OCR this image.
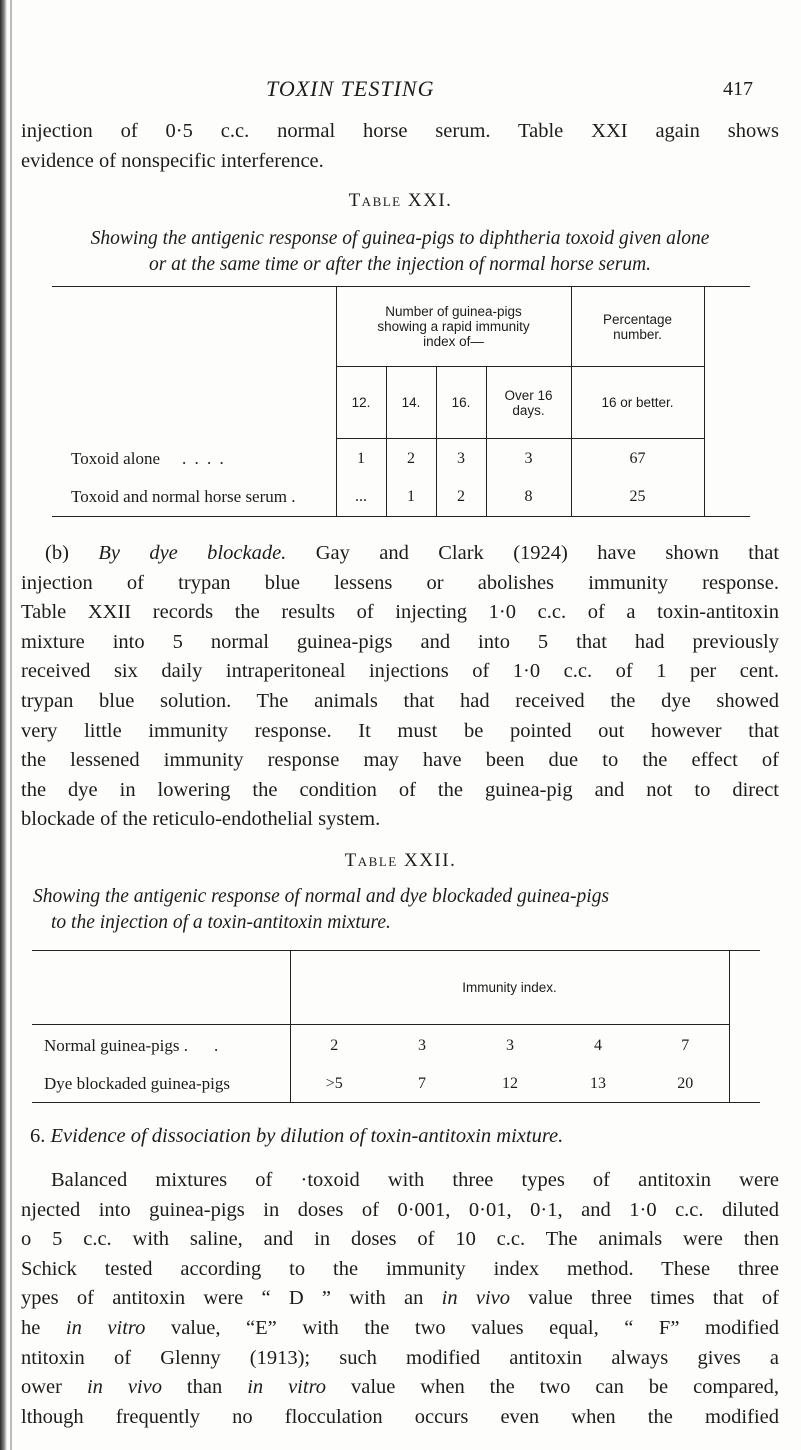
TOXIN TESTING	417

injection of 0·5 c.c. normal horse serum. Table XXI again shows
evidence of nonspecific interference.

Table XXI.

Showing the antigenic response of guinea-pigs to diphtheria toxoid given alone
or at the same time or after the injection of normal horse serum.

	Number of guinea-pigs showing a rapid immunity index of—				Percentage number.	
	12.	14.	16.	Over 16 days.	16 or better.	
Toxoid alone . . . .	1	2	3	3	67	
Toxoid and normal horse serum .	...	1	2	8	25	

(b) By dye blockade. Gay and Clark (1924) have shown that
injection of trypan blue lessens or abolishes immunity response.
Table XXII records the results of injecting 1·0 c.c. of a toxin-antitoxin
mixture into 5 normal guinea-pigs and into 5 that had previously
received six daily intraperitoneal injections of 1·0 c.c. of 1 per cent.
trypan blue solution. The animals that had received the dye showed
very little immunity response. It must be pointed out however that
the lessened immunity response may have been due to the effect of
the dye in lowering the condition of the guinea-pig and not to direct
blockade of the reticulo-endothelial system.

Table XXII.

Showing the antigenic response of normal and dye blockaded guinea-pigs
to the injection of a toxin-antitoxin mixture.

	Immunity index.					
Normal guinea-pigs . .	2	3	3	4	7	
Dye blockaded guinea-pigs	>5	7	12	13	20	
6. Evidence of dissociation by dilution of toxin-antitoxin mixture.

Balanced mixtures of ·toxoid with three types of antitoxin were
njected into guinea-pigs in doses of 0·001, 0·01, 0·1, and 1·0 c.c. diluted
o 5 c.c. with saline, and in doses of 10 c.c. The animals were then
Schick tested according to the immunity index method. These three
ypes of antitoxin were “ D ” with an in vivo value three times that of
he in vitro value, “E” with the two values equal, “ F” modified
ntitoxin of Glenny (1913); such modified antitoxin always gives a
ower in vivo than in vitro value when the two can be compared,
lthough frequently no flocculation occurs even when the modified
